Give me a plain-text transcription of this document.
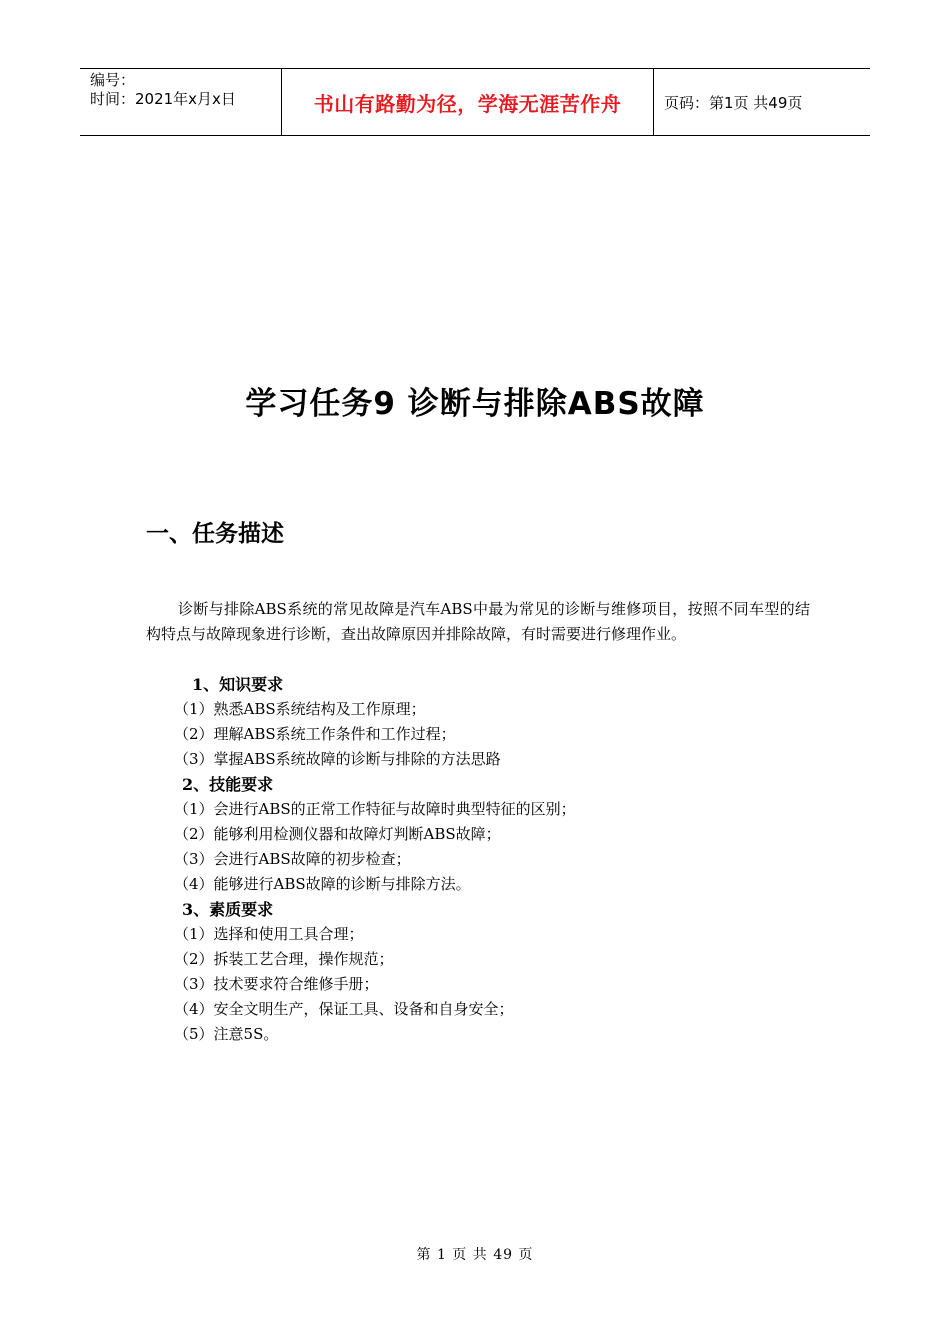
编号：
时间：2021年x月x日	书山有路勤为径，学海无涯苦作舟	页码：第1页 共49页
学习任务9 诊断与排除ABS故障
一、任务描述
诊断与排除ABS系统的常见故障是汽车ABS中最为常见的诊断与维修项目，按照不同车型的结构特点与故障现象进行诊断，查出故障原因并排除故障，有时需要进行修理作业。
1、知识要求
（1）熟悉ABS系统结构及工作原理；
（2）理解ABS系统工作条件和工作过程；
（3）掌握ABS系统故障的诊断与排除的方法思路
2、技能要求
（1）会进行ABS的正常工作特征与故障时典型特征的区别；
（2）能够利用检测仪器和故障灯判断ABS故障；
（3）会进行ABS故障的初步检查；
（4）能够进行ABS故障的诊断与排除方法。
3、素质要求
（1）选择和使用工具合理；
（2）拆装工艺合理，操作规范；
（3）技术要求符合维修手册；
（4）安全文明生产，保证工具、设备和自身安全；
（5）注意5S。
第 1 页 共 49 页
